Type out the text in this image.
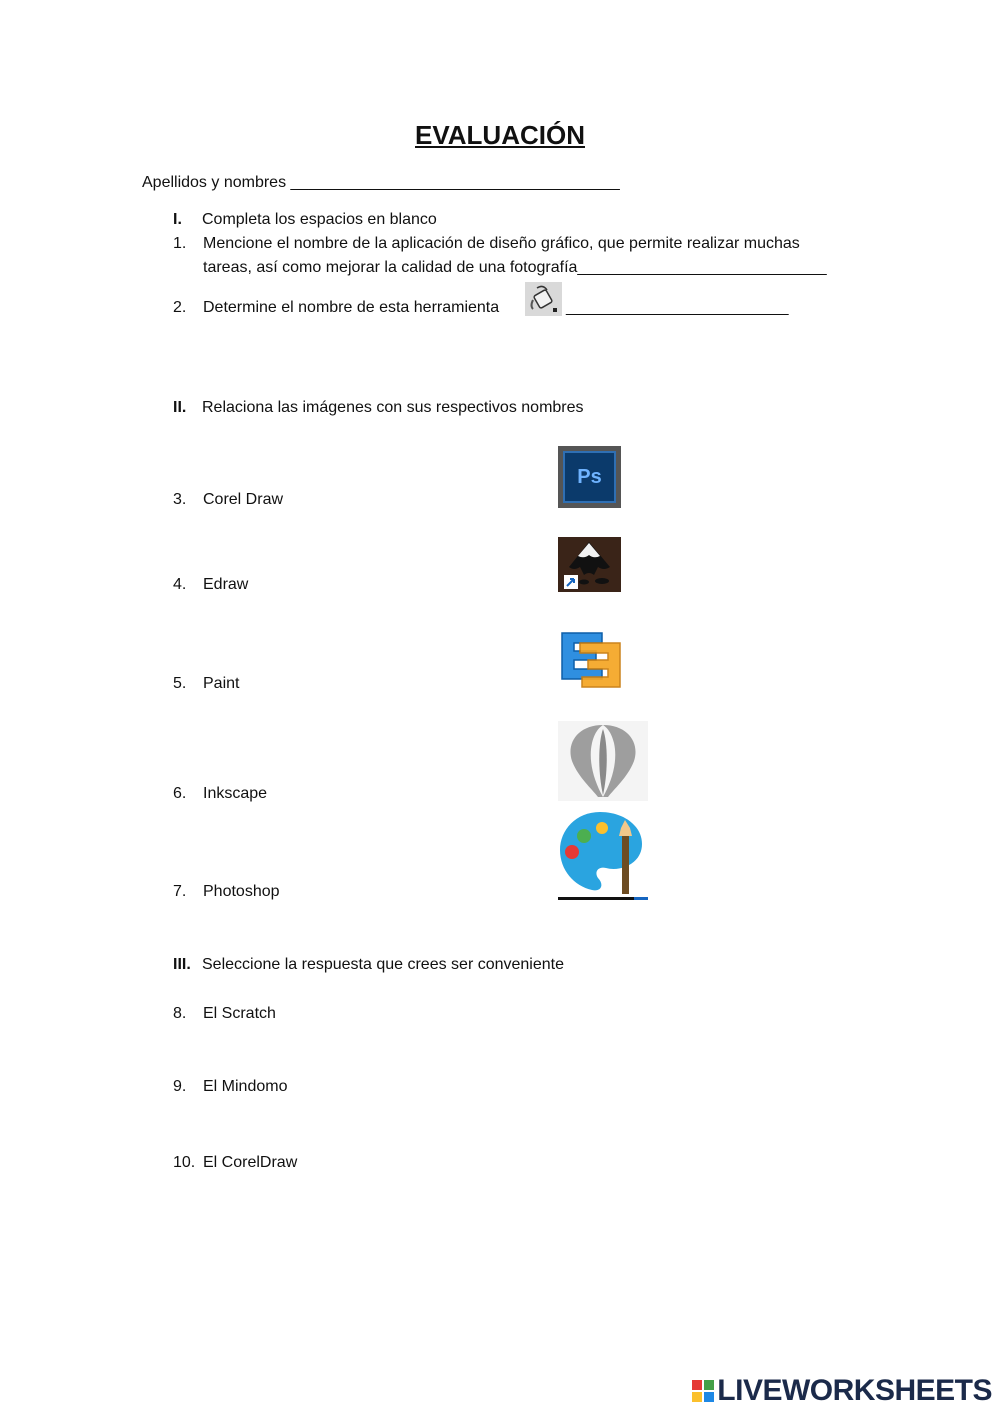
EVALUACIÓN
Apellidos y nombres _____________________________________
I. Completa los espacios en blanco
1. Mencione el nombre de la aplicación de diseño gráfico, que permite realizar muchas
tareas, así como mejorar la calidad de una fotografía____________________________
2. Determine el nombre de esta herramienta	_________________________
II. Relaciona las imágenes con sus respectivos nombres
3. Corel Draw
4. Edraw
5. Paint
6. Inkscape
7. Photoshop
Ps
III. Seleccione la respuesta que crees ser conveniente
8. El Scratch
9. El Mindomo
10. El CorelDraw
LIVEWORKSHEETS
